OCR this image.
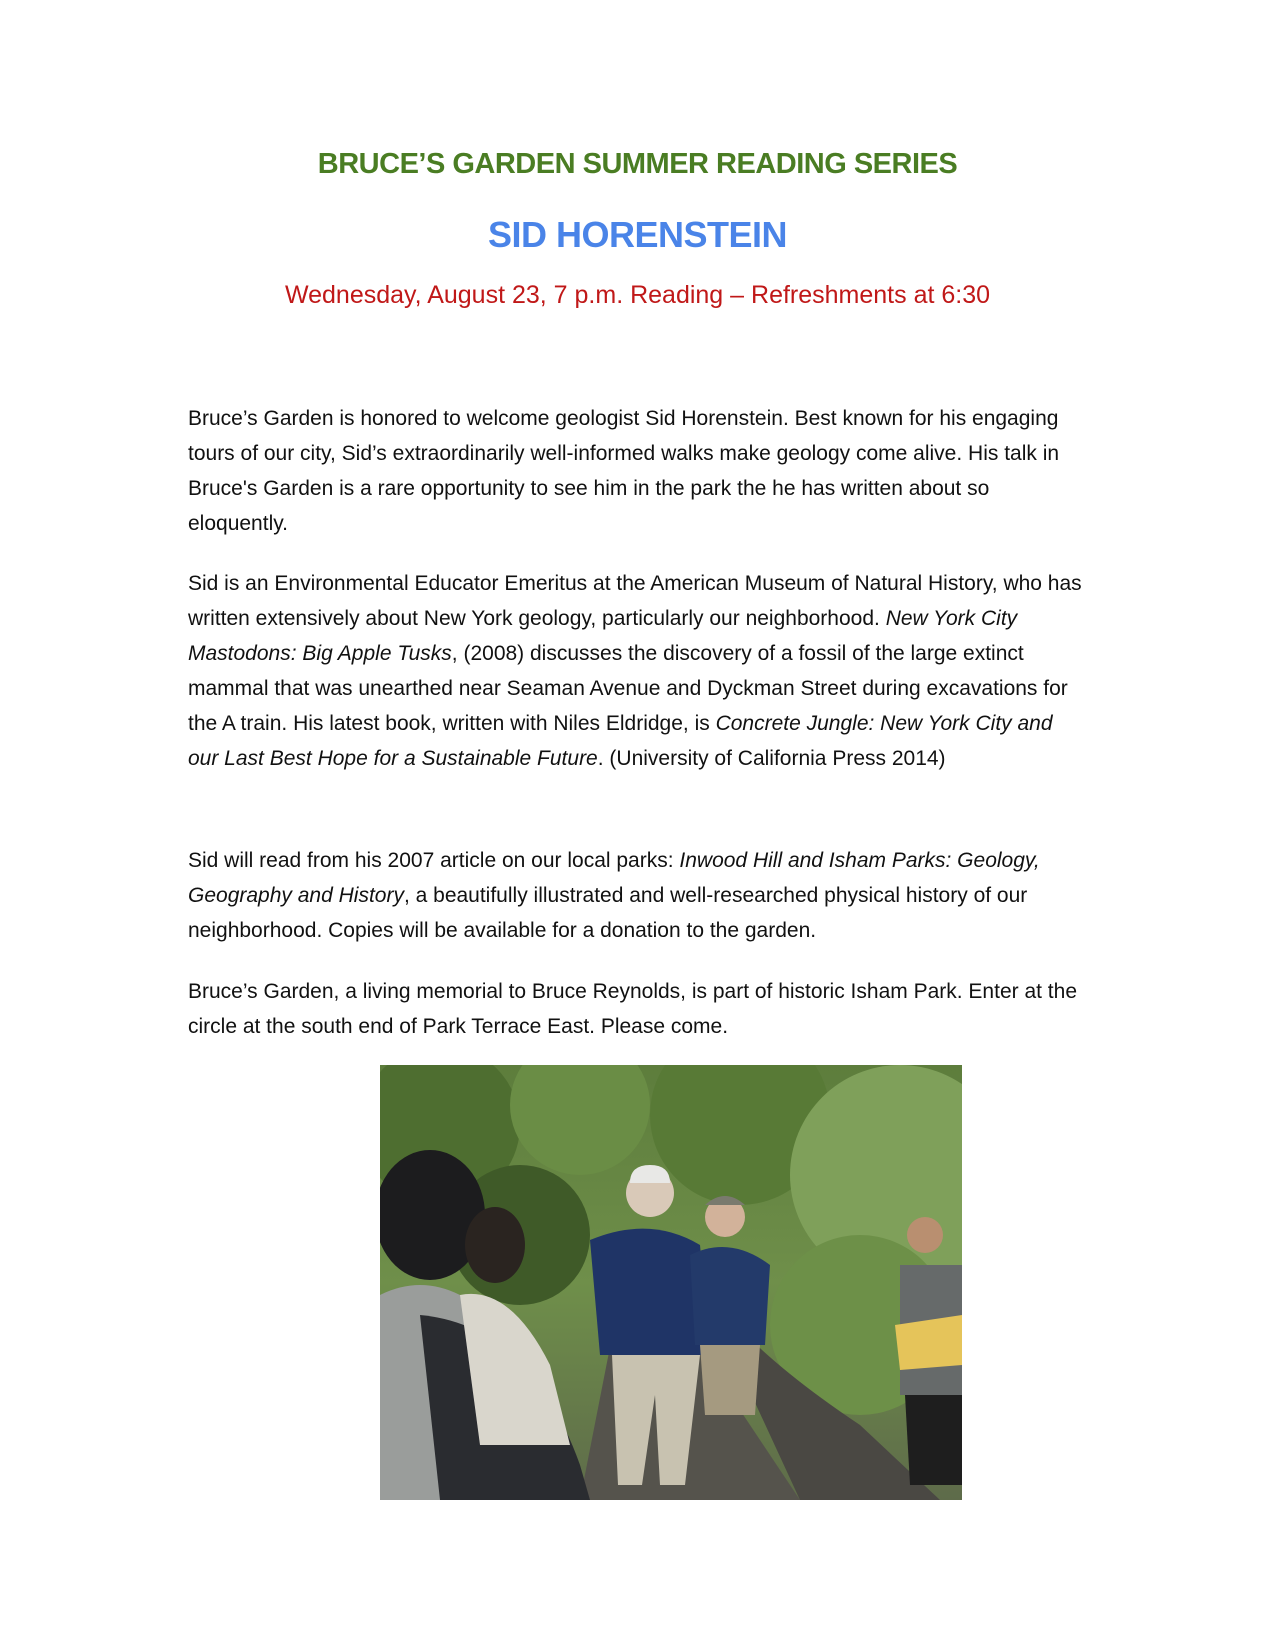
BRUCE’S GARDEN SUMMER READING SERIES
SID HORENSTEIN
Wednesday, August 23, 7 p.m. Reading – Refreshments at 6:30

Bruce’s Garden is honored to welcome geologist Sid Horenstein. Best known for his engaging tours of our city, Sid’s extraordinarily well-informed walks make geology come alive. His talk in Bruce's Garden is a rare opportunity to see him in the park the he has written about so eloquently.

Sid is an Environmental Educator Emeritus at the American Museum of Natural History, who has written extensively about New York geology, particularly our neighborhood. New York City Mastodons: Big Apple Tusks, (2008) discusses the discovery of a fossil of the large extinct mammal that was unearthed near Seaman Avenue and Dyckman Street during excavations for the A train. His latest book, written with Niles Eldridge, is Concrete Jungle: New York City and our Last Best Hope for a Sustainable Future. (University of California Press 2014)

Sid will read from his 2007 article on our local parks: Inwood Hill and Isham Parks: Geology, Geography and History, a beautifully illustrated and well-researched physical history of our neighborhood. Copies will be available for a donation to the garden.

Bruce’s Garden, a living memorial to Bruce Reynolds, is part of historic Isham Park. Enter at the circle at the south end of Park Terrace East. Please come.
